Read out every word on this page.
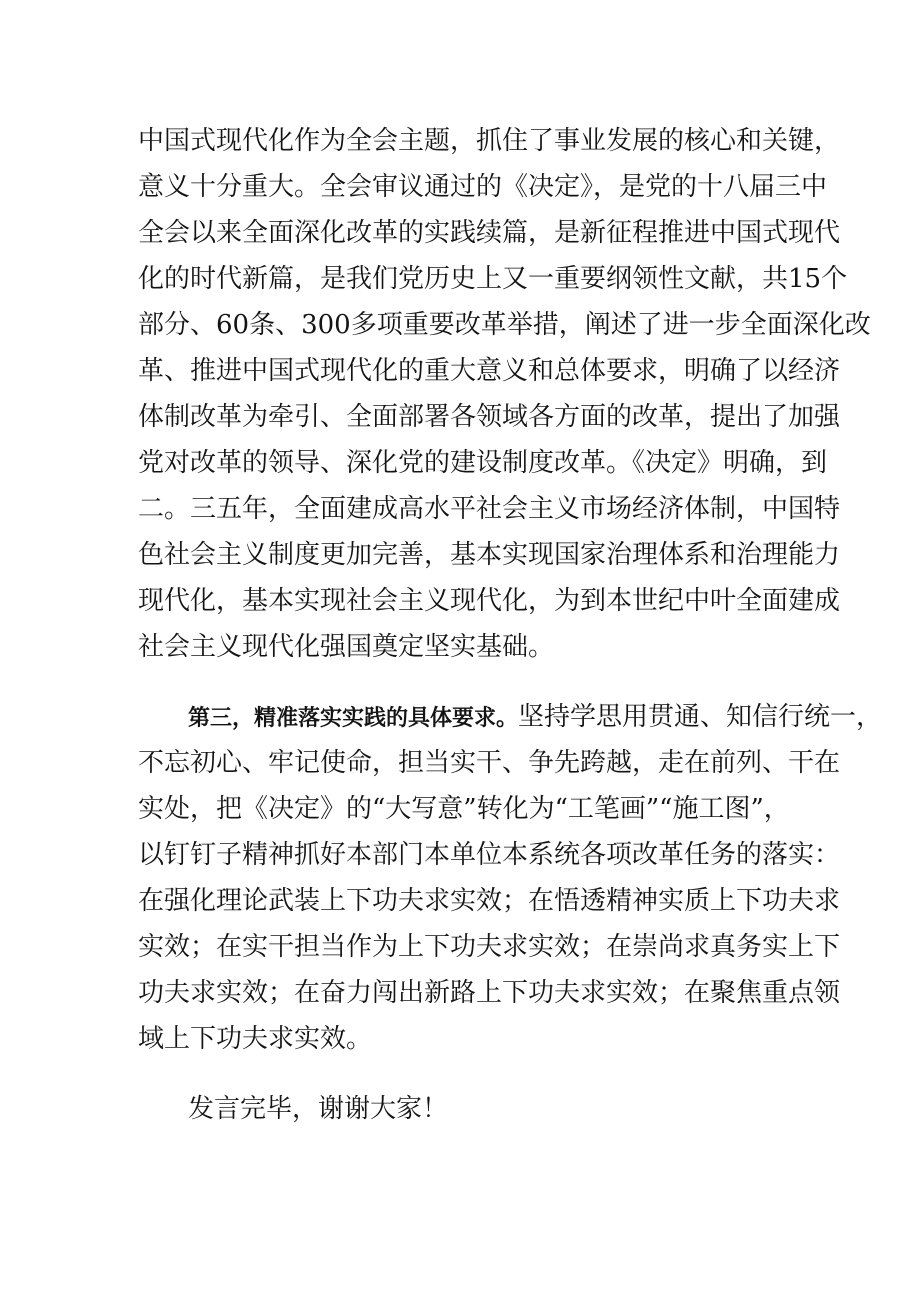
中国式现代化作为全会主题，抓住了事业发展的核心和关键，
意义十分重大。全会审议通过的《决定》，是党的十八届三中
全会以来全面深化改革的实践续篇，是新征程推进中国式现代
化的时代新篇，是我们党历史上又一重要纲领性文献，共15个
部分、60条、300多项重要改革举措，阐述了进一步全面深化改
革、推进中国式现代化的重大意义和总体要求，明确了以经济
体制改革为牵引、全面部署各领域各方面的改革，提出了加强
党对改革的领导、深化党的建设制度改革。《决定》明确，到
二。三五年，全面建成高水平社会主义市场经济体制，中国特
色社会主义制度更加完善，基本实现国家治理体系和治理能力
现代化，基本实现社会主义现代化，为到本世纪中叶全面建成
社会主义现代化强国奠定坚实基础。
第三，精准落实实践的具体要求。坚持学思用贯通、知信行统一，
不忘初心、牢记使命，担当实干、争先跨越，走在前列、干在
实处，把《决定》的“大写意”转化为“工笔画”“施工图”，
以钉钉子精神抓好本部门本单位本系统各项改革任务的落实：
在强化理论武装上下功夫求实效；在悟透精神实质上下功夫求
实效；在实干担当作为上下功夫求实效；在崇尚求真务实上下
功夫求实效；在奋力闯出新路上下功夫求实效；在聚焦重点领
域上下功夫求实效。
发言完毕，谢谢大家！
